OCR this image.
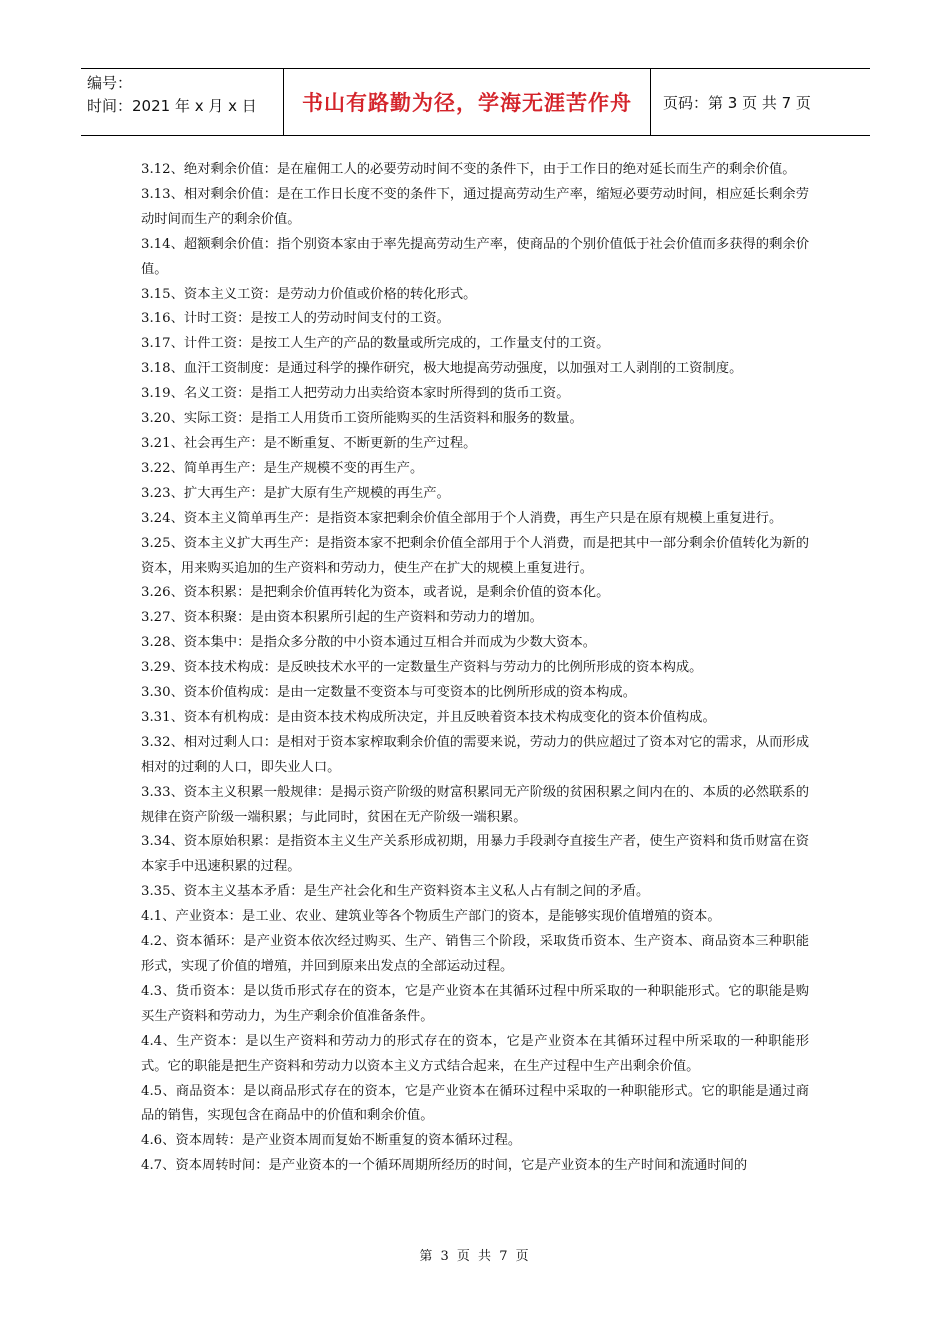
编号：
时间：2021 年 x 月 x 日	书山有路勤为径，学海无涯苦作舟 页码：第 3 页 共 7 页

3.12、绝对剩余价值：是在雇佣工人的必要劳动时间不变的条件下，由于工作日的绝对延长而生产的剩余价值。

3.13、相对剩余价值：是在工作日长度不变的条件下，通过提高劳动生产率，缩短必要劳动时间，相应延长剩余劳动时间而生产的剩余价值。

3.14、超额剩余价值：指个别资本家由于率先提高劳动生产率，使商品的个别价值低于社会价值而多获得的剩余价值。

3.15、资本主义工资：是劳动力价值或价格的转化形式。

3.16、计时工资：是按工人的劳动时间支付的工资。

3.17、计件工资：是按工人生产的产品的数量或所完成的，工作量支付的工资。

3.18、血汗工资制度：是通过科学的操作研究，极大地提高劳动强度，以加强对工人剥削的工资制度。

3.19、名义工资：是指工人把劳动力出卖给资本家时所得到的货币工资。

3.20、实际工资：是指工人用货币工资所能购买的生活资料和服务的数量。

3.21、社会再生产：是不断重复、不断更新的生产过程。

3.22、简单再生产：是生产规模不变的再生产。

3.23、扩大再生产：是扩大原有生产规模的再生产。

3.24、资本主义简单再生产：是指资本家把剩余价值全部用于个人消费，再生产只是在原有规模上重复进行。

3.25、资本主义扩大再生产：是指资本家不把剩余价值全部用于个人消费，而是把其中一部分剩余价值转化为新的资本，用来购买追加的生产资料和劳动力，使生产在扩大的规模上重复进行。

3.26、资本积累：是把剩余价值再转化为资本，或者说，是剩余价值的资本化。

3.27、资本积聚：是由资本积累所引起的生产资料和劳动力的增加。

3.28、资本集中：是指众多分散的中小资本通过互相合并而成为少数大资本。

3.29、资本技术构成：是反映技术水平的一定数量生产资料与劳动力的比例所形成的资本构成。

3.30、资本价值构成：是由一定数量不变资本与可变资本的比例所形成的资本构成。

3.31、资本有机构成：是由资本技术构成所决定，并且反映着资本技术构成变化的资本价值构成。

3.32、相对过剩人口：是相对于资本家榨取剩余价值的需要来说，劳动力的供应超过了资本对它的需求，从而形成相对的过剩的人口，即失业人口。

3.33、资本主义积累一般规律：是揭示资产阶级的财富积累同无产阶级的贫困积累之间内在的、本质的必然联系的规律在资产阶级一端积累；与此同时，贫困在无产阶级一端积累。

3.34、资本原始积累：是指资本主义生产关系形成初期，用暴力手段剥夺直接生产者，使生产资料和货币财富在资本家手中迅速积累的过程。

3.35、资本主义基本矛盾：是生产社会化和生产资料资本主义私人占有制之间的矛盾。

4.1、产业资本：是工业、农业、建筑业等各个物质生产部门的资本，是能够实现价值增殖的资本。

4.2、资本循环：是产业资本依次经过购买、生产、销售三个阶段，采取货币资本、生产资本、商品资本三种职能形式，实现了价值的增殖，并回到原来出发点的全部运动过程。

4.3、货币资本：是以货币形式存在的资本，它是产业资本在其循环过程中所采取的一种职能形式。它的职能是购买生产资料和劳动力，为生产剩余价值准备条件。

4.4、生产资本：是以生产资料和劳动力的形式存在的资本，它是产业资本在其循环过程中所采取的一种职能形式。它的职能是把生产资料和劳动力以资本主义方式结合起来，在生产过程中生产出剩余价值。

4.5、商品资本：是以商品形式存在的资本，它是产业资本在循环过程中采取的一种职能形式。它的职能是通过商品的销售，实现包含在商品中的价值和剩余价值。

4.6、资本周转：是产业资本周而复始不断重复的资本循环过程。

4.7、资本周转时间：是产业资本的一个循环周期所经历的时间，它是产业资本的生产时间和流通时间的

第 3 页 共 7 页
